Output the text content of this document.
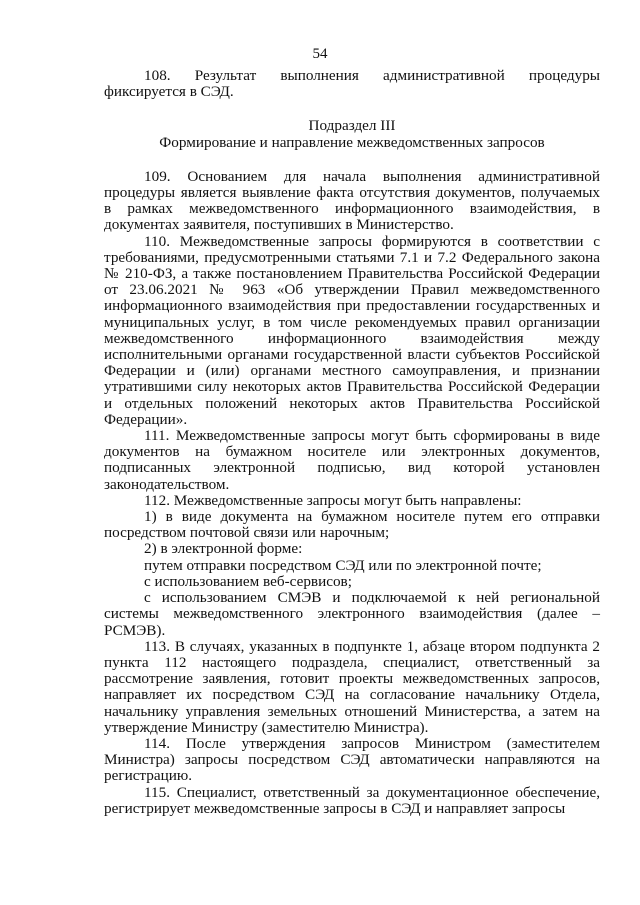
54

108. Результат выполнения административной процедуры фиксируется в СЭД.

Подраздел III

Формирование и направление межведомственных запросов

109. Основанием для начала выполнения административной процедуры является выявление факта отсутствия документов, получаемых в рамках межведомственного информационного взаимодействия, в документах заявителя, поступивших в Министерство.

110. Межведомственные запросы формируются в соответствии с требованиями, предусмотренными статьями 7.1 и 7.2 Федерального закона № 210-ФЗ, а также постановлением Правительства Российской Федерации от 23.06.2021 № 963 «Об утверждении Правил межведомственного информационного взаимодействия при предоставлении государственных и муниципальных услуг, в том числе рекомендуемых правил организации межведомственного информационного взаимодействия между исполнительными органами государственной власти субъектов Российской Федерации и (или) органами местного самоуправления, и признании утратившими силу некоторых актов Правительства Российской Федерации и отдельных положений некоторых актов Правительства Российской Федерации».

111. Межведомственные запросы могут быть сформированы в виде документов на бумажном носителе или электронных документов, подписанных электронной подписью, вид которой установлен законодательством.

112. Межведомственные запросы могут быть направлены:

1) в виде документа на бумажном носителе путем его отправки посредством почтовой связи или нарочным;

2) в электронной форме:

путем отправки посредством СЭД или по электронной почте;

с использованием веб-сервисов;

с использованием СМЭВ и подключаемой к ней региональной системы межведомственного электронного взаимодействия (далее – РСМЭВ).

113. В случаях, указанных в подпункте 1, абзаце втором подпункта 2 пункта 112 настоящего подраздела, специалист, ответственный за рассмотрение заявления, готовит проекты межведомственных запросов, направляет их посредством СЭД на согласование начальнику Отдела, начальнику управления земельных отношений Министерства, а затем на утверждение Министру (заместителю Министра).

114. После утверждения запросов Министром (заместителем Министра) запросы посредством СЭД автоматически направляются на регистрацию.

115. Специалист, ответственный за документационное обеспечение, регистрирует межведомственные запросы в СЭД и направляет запросы
